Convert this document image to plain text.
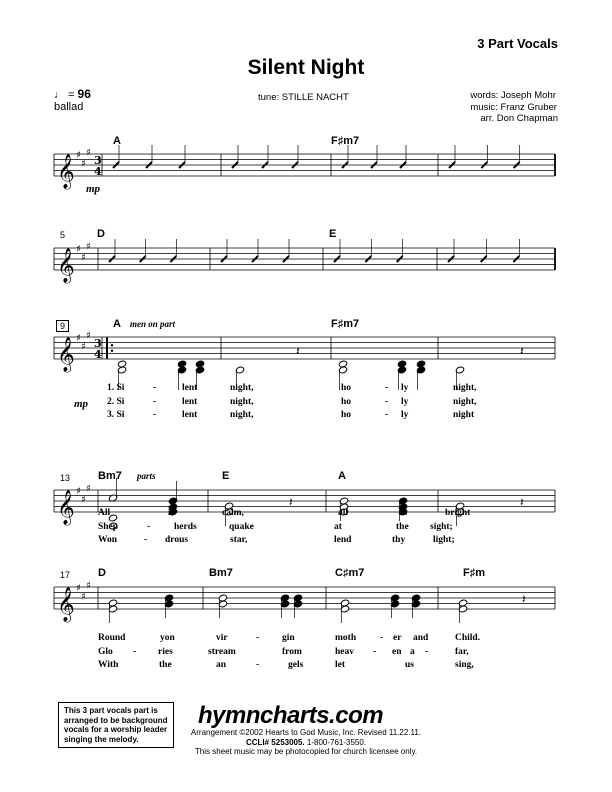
3 Part Vocals
Silent Night
♩ = 96
ballad
tune: STILLE NACHT	words: Joseph Mohr
music: Franz Gruber
arr. Don Chapman
𝄞 ♯
♯
♯
3
4
𝄞 ♯
♯
♯
𝄞 ♯
♯
♯
3
4
𝄞 ♯
♯
♯
𝄞 ♯
♯
♯
𝄽	𝄽
𝄽	𝄽
𝄽
A	F♯m7
mp
5	D	E
9	A men on part	F♯m7
mp
1. Si	-	lent	night,	ho	- ly	night,
2. Si	-	lent	night,	ho	- ly	night,
3. Si	-	lent	night,	ho	- ly	night
13	Bm7 parts	E	A
All	is	calm,	all	is	bright
Shep	-	herds	quake	at	the sight;
Won	- drous	star,	lend	thy	light;
17	D	Bm7	C♯m7	F♯m
Round	yon	vir	- gin	moth	- er and	Child.
Glo - ries	stream	from	heav - en a -	far,
With	the	an	-	gels	let	us	sing,
This 3 part vocals part is arranged to be background vocals for a worship leader singing the melody.
hymncharts.com
Arrangement ©2002 Hearts to God Music, Inc. Revised 11.22.11.
CCLI# 5253005. 1-800-761-3550.
This sheet music may be photocopied for church licensee only.
